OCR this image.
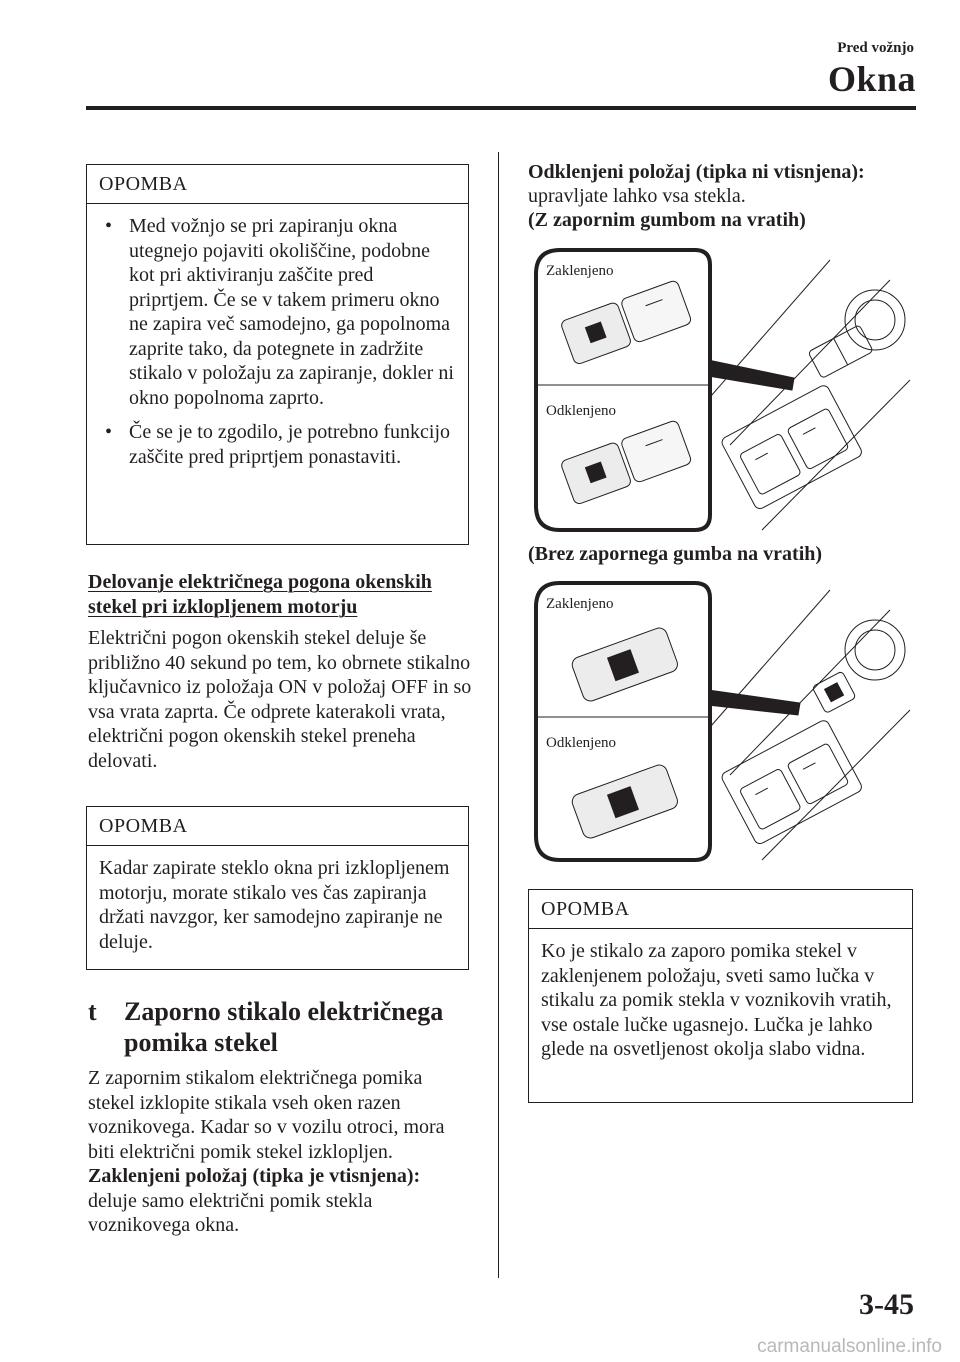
Pred vožnjo
Okna
OPOMBA
• Med vožnjo se pri zapiranju okna utegnejo pojaviti okoliščine, podobne kot pri aktiviranju zaščite pred priprtjem. Če se v takem primeru okno ne zapira več samodejno, ga popolnoma zaprite tako, da potegnete in zadržite stikalo v položaju za zapiranje, dokler ni okno popolnoma zaprto.
• Če se je to zgodilo, je potrebno funkcijo zaščite pred priprtjem ponastaviti.
Delovanje električnega pogona okenskih stekel pri izklopljenem motorju
Električni pogon okenskih stekel deluje še približno 40 sekund po tem, ko obrnete stikalno ključavnico iz položaja ON v položaj OFF in so vsa vrata zaprta. Če odprete katerakoli vrata, električni pogon okenskih stekel preneha delovati.
OPOMBA
Kadar zapirate steklo okna pri izklopljenem motorju, morate stikalo ves čas zapiranja držati navzgor, ker samodejno zapiranje ne deluje.
t Zaporno stikalo električnega pomika stekel
Z zapornim stikalom električnega pomika stekel izklopite stikala vseh oken razen voznikovega. Kadar so v vozilu otroci, mora biti električni pomik stekel izklopljen. Zaklenjeni položaj (tipka je vtisnjena): deluje samo električni pomik stekla voznikovega okna.
Odklenjeni položaj (tipka ni vtisnjena):
upravljate lahko vsa stekla.
(Z zapornim gumbom na vratih)
Zaklenjeno
Odklenjeno
(Brez zapornega gumba na vratih)
Zaklenjeno
Odklenjeno
OPOMBA
Ko je stikalo za zaporo pomika stekel v zaklenjenem položaju, sveti samo lučka v stikalu za pomik stekla v voznikovih vratih, vse ostale lučke ugasnejo. Lučka je lahko glede na osvetljenost okolja slabo vidna.
3-45
carmanualsonline.info
